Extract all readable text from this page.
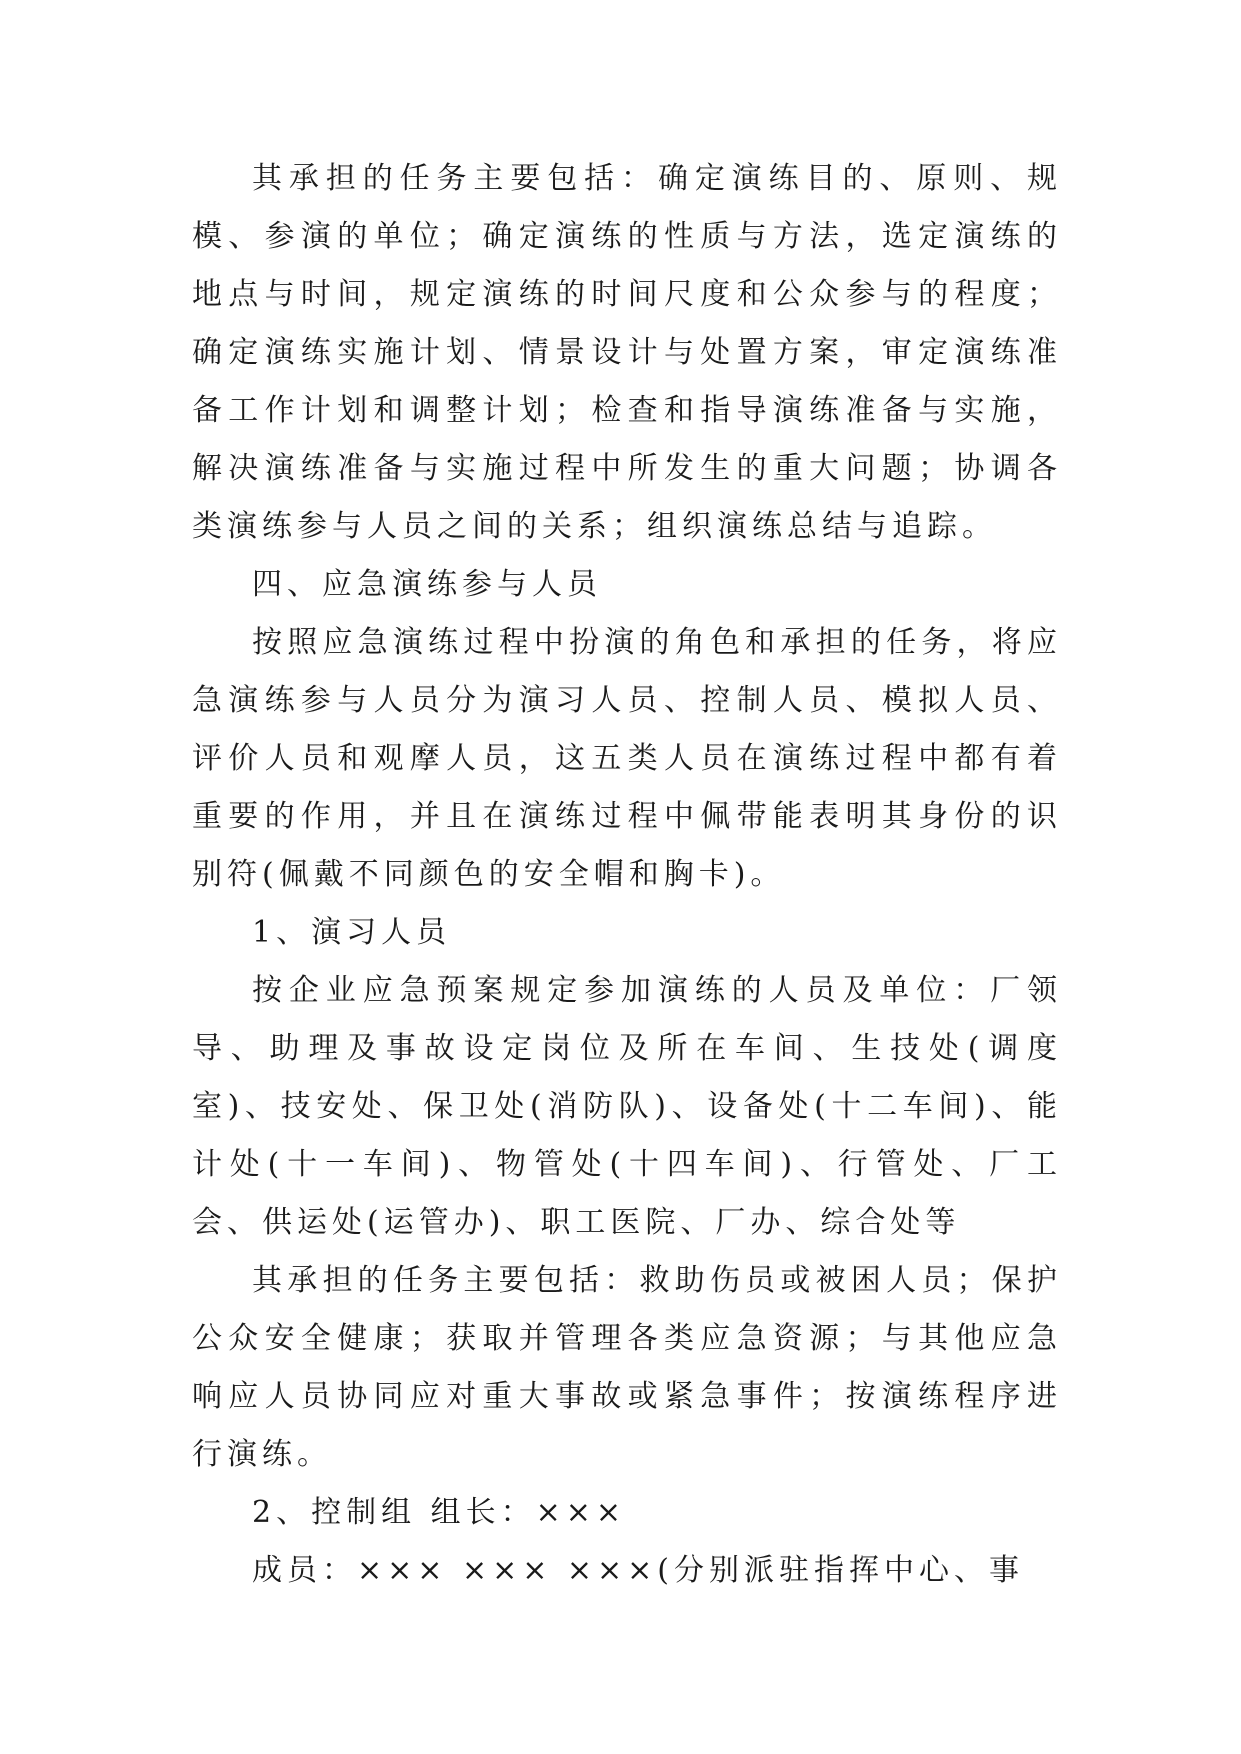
其承担的任务主要包括：确定演练目的、原则、规模、参演的单位；确定演练的性质与方法，选定演练的地点与时间，规定演练的时间尺度和公众参与的程度；确定演练实施计划、情景设计与处置方案，审定演练准备工作计划和调整计划；检查和指导演练准备与实施，解决演练准备与实施过程中所发生的重大问题；协调各类演练参与人员之间的关系；组织演练总结与追踪。

四、应急演练参与人员

按照应急演练过程中扮演的角色和承担的任务，将应急演练参与人员分为演习人员、控制人员、模拟人员、评价人员和观摩人员，这五类人员在演练过程中都有着重要的作用，并且在演练过程中佩带能表明其身份的识别符(佩戴不同颜色的安全帽和胸卡)。

1、演习人员

按企业应急预案规定参加演练的人员及单位：厂领导、助理及事故设定岗位及所在车间、生技处(调度室)、技安处、保卫处(消防队)、设备处(十二车间)、能计处(十一车间)、物管处(十四车间)、行管处、厂工会、供运处(运管办)、职工医院、厂办、综合处等

其承担的任务主要包括：救助伤员或被困人员；保护公众安全健康；获取并管理各类应急资源；与其他应急响应人员协同应对重大事故或紧急事件；按演练程序进行演练。

2、控制组 组长：×××

成员：××× ××× ×××(分别派驻指挥中心、事
